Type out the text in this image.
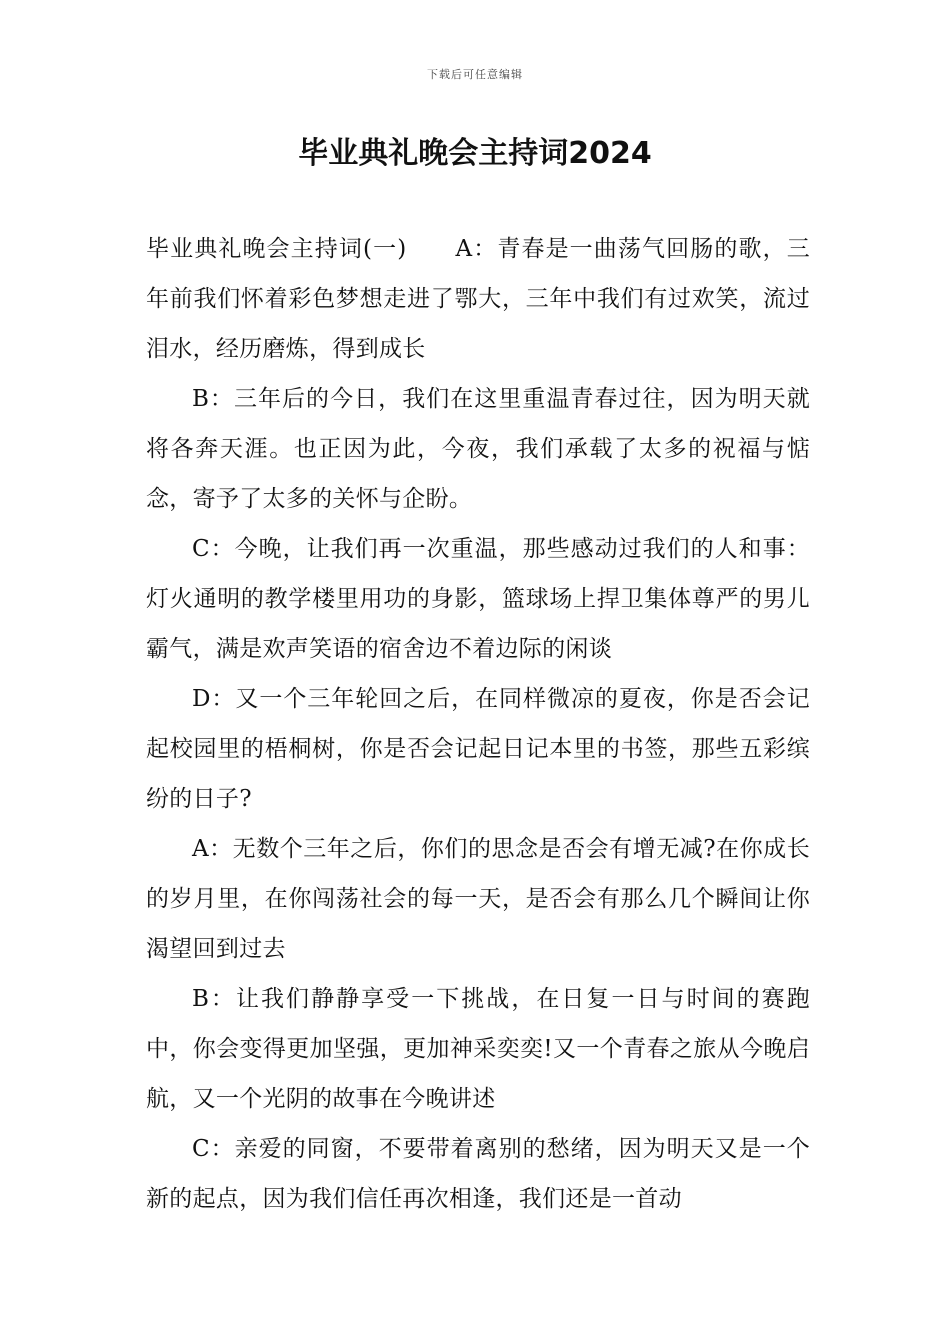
下载后可任意编辑
毕业典礼晚会主持词2024

毕业典礼晚会主持词(一)　　A：青春是一曲荡气回肠的歌，三年前我们怀着彩色梦想走进了鄂大，三年中我们有过欢笑，流过泪水，经历磨炼，得到成长

B：三年后的今日，我们在这里重温青春过往，因为明天就将各奔天涯。也正因为此，今夜，我们承载了太多的祝福与惦念，寄予了太多的关怀与企盼。

C：今晚，让我们再一次重温，那些感动过我们的人和事：灯火通明的教学楼里用功的身影，篮球场上捍卫集体尊严的男儿霸气，满是欢声笑语的宿舍边不着边际的闲谈

D：又一个三年轮回之后，在同样微凉的夏夜，你是否会记起校园里的梧桐树，你是否会记起日记本里的书签，那些五彩缤纷的日子?

A：无数个三年之后，你们的思念是否会有增无减?在你成长的岁月里，在你闯荡社会的每一天，是否会有那么几个瞬间让你渴望回到过去

B：让我们静静享受一下挑战，在日复一日与时间的赛跑中，你会变得更加坚强，更加神采奕奕!又一个青春之旅从今晚启航，又一个光阴的故事在今晚讲述

C：亲爱的同窗，不要带着离别的愁绪，因为明天又是一个新的起点，因为我们信任再次相逢，我们还是一首动
